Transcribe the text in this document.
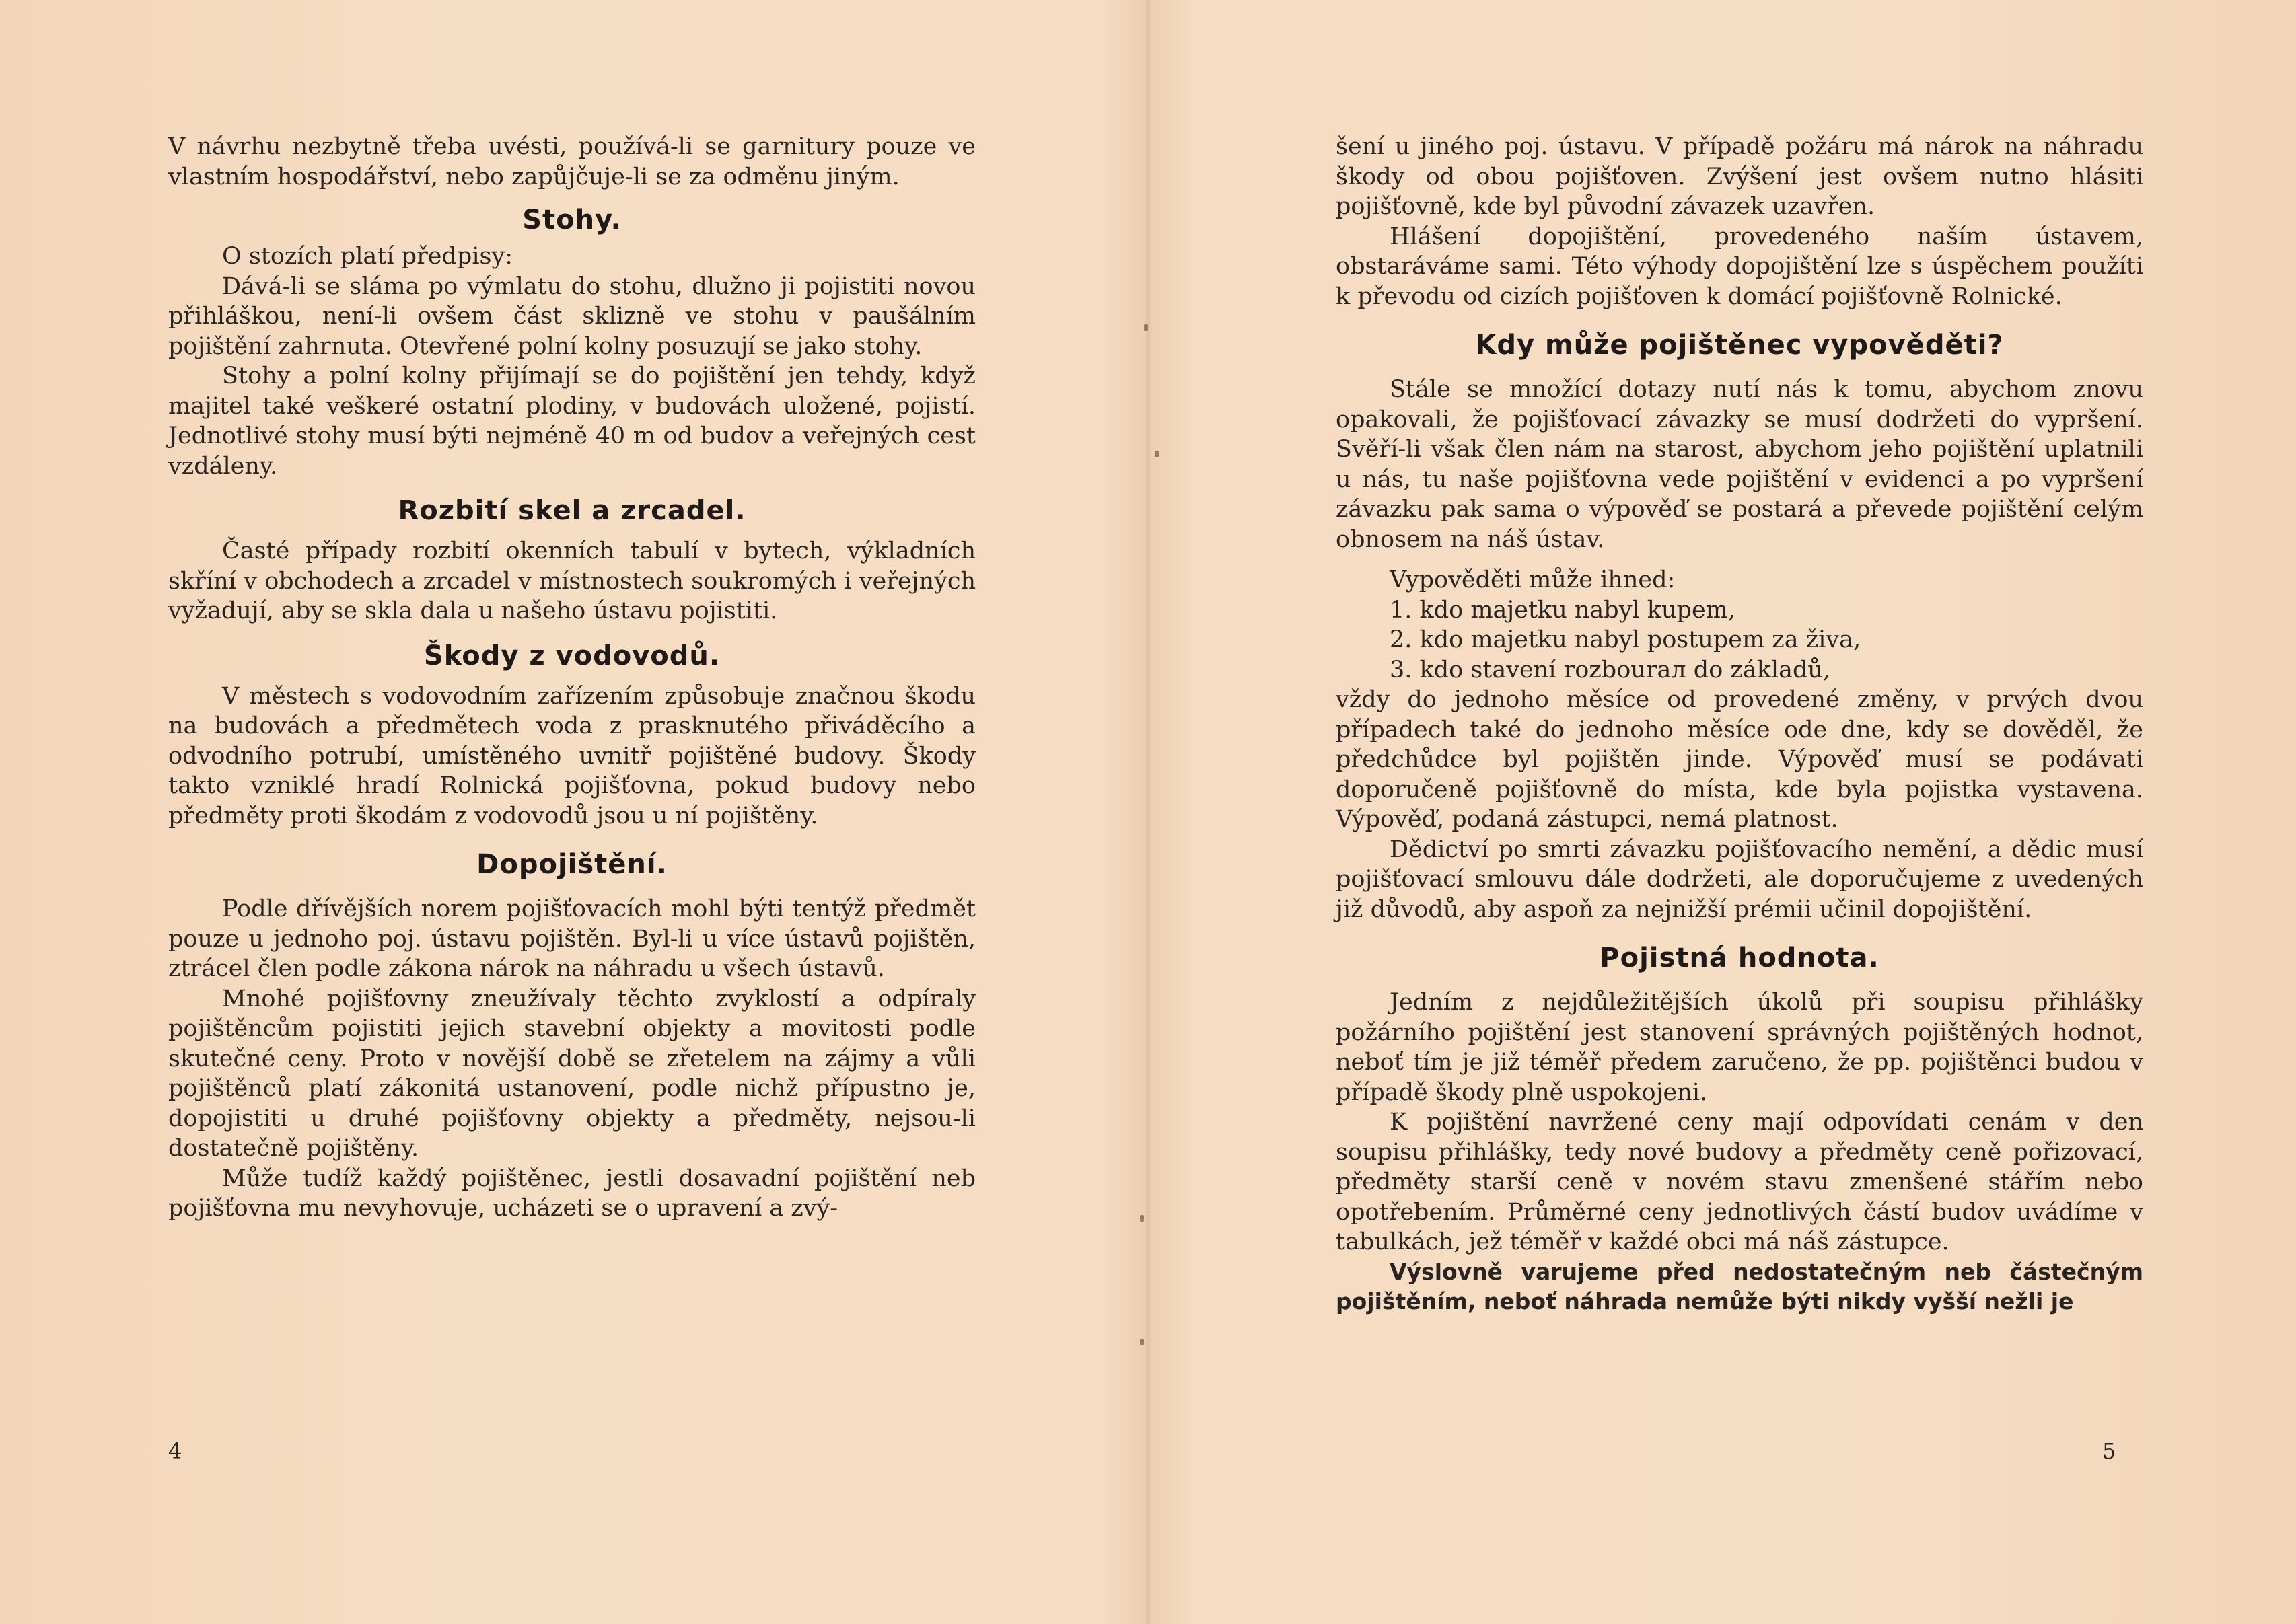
V návrhu nezbytně třeba uvésti, používá-li se garnitury pouze ve vlastním hospodářství, nebo zapůjčuje-li se za odměnu jiným.

Stohy.

O stozích platí předpisy:

Dává-li se sláma po výmlatu do stohu, dlužno ji pojistiti novou přihláškou, není-li ovšem část sklizně ve stohu v paušálním pojištění zahrnuta. Otevřené polní kolny posuzují se jako stohy.

Stohy a polní kolny přijímají se do pojištění jen tehdy, když majitel také veškeré ostatní plodiny, v budovách uložené, pojistí. Jednotlivé stohy musí býti nejméně 40 m od budov a veřejných cest vzdáleny.

Rozbití skel a zrcadel.

Časté případy rozbití okenních tabulí v bytech, výkladních skříní v obchodech a zrcadel v místnostech soukromých i veřejných vyžadují, aby se skla dala u našeho ústavu pojistiti.

Škody z vodovodů.

V městech s vodovodním zařízením způsobuje značnou škodu na budovách a předmětech voda z prasknutého přiváděcího a odvodního potrubí, umístěného uvnitř pojištěné budovy. Škody takto vzniklé hradí Rolnická pojišťovna, pokud budovy nebo předměty proti škodám z vodovodů jsou u ní pojištěny.

Dopojištění.

Podle dřívějších norem pojišťovacích mohl býti tentýž předmět pouze u jednoho poj. ústavu pojištěn. Byl-li u více ústavů pojištěn, ztrácel člen podle zákona nárok na náhradu u všech ústavů.

Mnohé pojišťovny zneužívaly těchto zvyklostí a odpíraly pojištěncům pojistiti jejich stavební objekty a movitosti podle skutečné ceny. Proto v novější době se zřetelem na zájmy a vůli pojištěnců platí zákonitá ustanovení, podle nichž přípustno je, dopojistiti u druhé pojišťovny objekty a předměty, nejsou-li dostatečně pojištěny.

Může tudíž každý pojištěnec, jestli dosavadní pojištění neb pojišťovna mu nevyhovuje, ucházeti se o upravení a zvý-

4

šení u jiného poj. ústavu. V případě požáru má nárok na náhradu škody od obou pojišťoven. Zvýšení jest ovšem nutno hlásiti pojišťovně, kde byl původní závazek uzavřen.

Hlášení dopojištění, provedeného naším ústavem, obstaráváme sami. Této výhody dopojištění lze s úspěchem použíti k převodu od cizích pojišťoven k domácí pojišťovně Rolnické.

Kdy může pojištěnec vypověděti?

Stále se množící dotazy nutí nás k tomu, abychom znovu opakovali, že pojišťovací závazky se musí dodržeti do vypršení. Svěří-li však člen nám na starost, abychom jeho pojištění uplatnili u nás, tu naše pojišťovna vede pojištění v evidenci a po vypršení závazku pak sama o výpověď se postará a převede pojištění celým obnosem na náš ústav.

Vypověděti může ihned:

1. kdo majetku nabyl kupem,
2. kdo majetku nabyl postupem za živa,
3. kdo stavení rozbourал do základů,

vždy do jednoho měsíce od provedené změny, v prvých dvou případech také do jednoho měsíce ode dne, kdy se dověděl, že předchůdce byl pojištěn jinde. Výpověď musí se podávati doporučeně pojišťovně do místa, kde byla pojistka vystavena. Výpověď, podaná zástupci, nemá platnost.

Dědictví po smrti závazku pojišťovacího nemění, a dědic musí pojišťovací smlouvu dále dodržeti, ale doporučujeme z uvedených již důvodů, aby aspoň za nejnižší prémii učinil dopojištění.

Pojistná hodnota.

Jedním z nejdůležitějších úkolů při soupisu přihlášky požárního pojištění jest stanovení správných pojištěných hodnot, neboť tím je již téměř předem zaručeno, že pp. pojištěnci budou v případě škody plně uspokojeni.

K pojištění navržené ceny mají odpovídati cenám v den soupisu přihlášky, tedy nové budovy a předměty ceně pořizovací, předměty starší ceně v novém stavu zmenšené stářím nebo opotřebením. Průměrné ceny jednotlivých částí budov uvádíme v tabulkách, jež téměř v každé obci má náš zástupce.

Výslovně varujeme před nedostatečným neb částečným pojištěním, neboť náhrada nemůže býti nikdy vyšší nežli je

5
